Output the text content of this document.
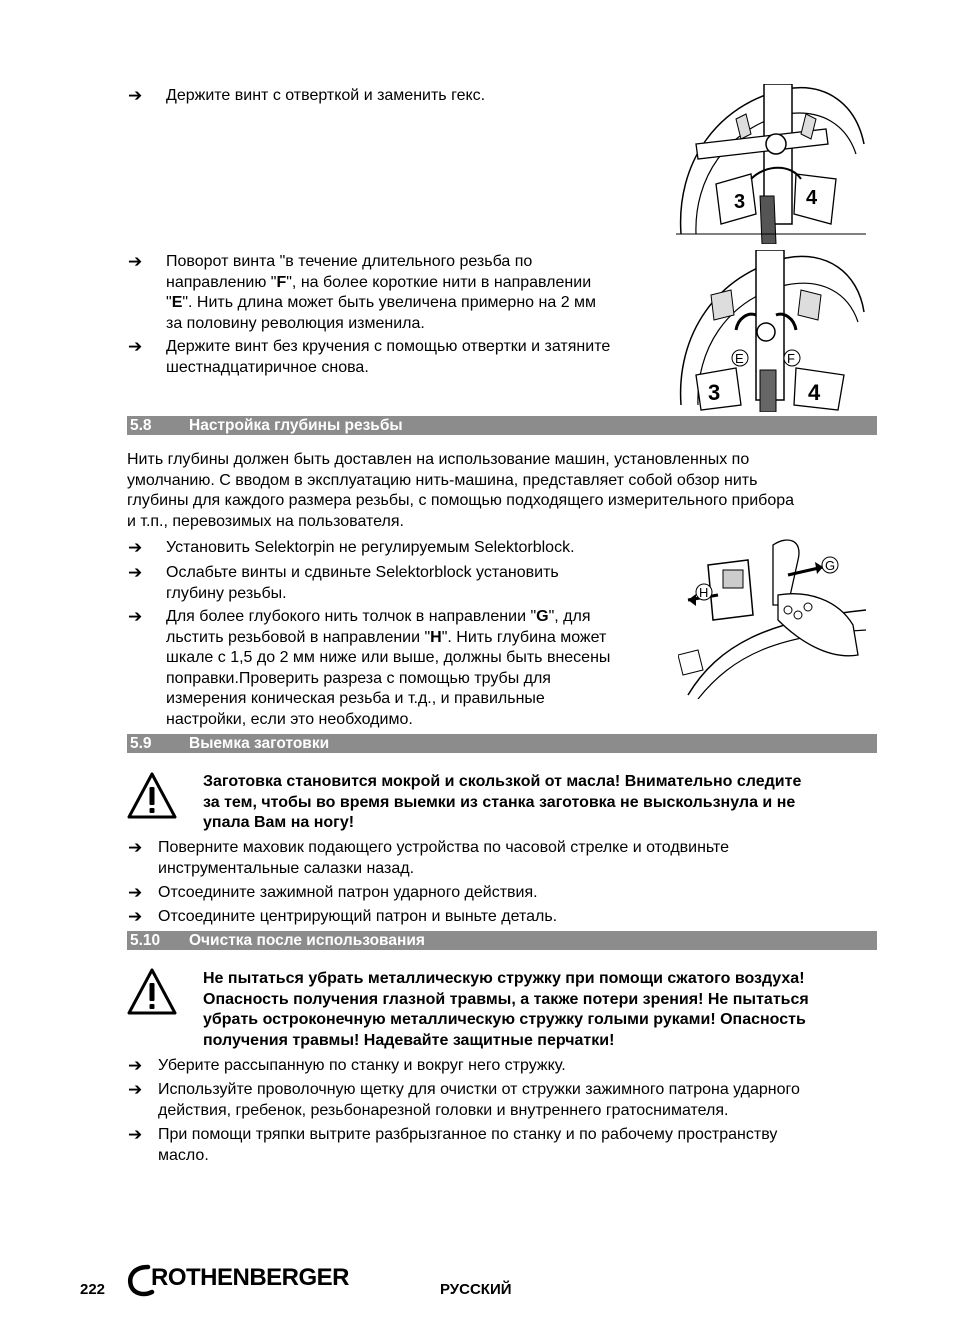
➔	Держите винт с отверткой и заменить гекс.
➔	Поворот винта "в течение длительного резьба по
направлению "F", на более короткие нити в направлении
"E". Нить длина может быть увеличена примерно на 2 мм
за половину революция изменила.
➔	Держите винт без кручения с помощью отвертки и затяните
шестнадцатиричное снова.
3	4
E	F
3	4
5.8 Настройка глубины резьбы
Нить глубины должен быть доставлен на использование машин, установленных по
умолчанию. С вводом в эксплуатацию нить-машина, представляет собой обзор нить
глубины для каждого размера резьбы, с помощью подходящего измерительного прибора
и т.п., перевозимых на пользователя.
➔	Установить Selektorpin не регулируемым Selektorblock.
➔	Ослабьте винты и сдвиньте Selektorblock установить
глубину резьбы.
➔	Для более глубокого нить толчок в направлении "G", для
льстить резьбовой в направлении "H". Нить глубина может
шкале с 1,5 до 2 мм ниже или выше, должны быть внесены
поправки.Проверить разреза с помощью трубы для
измерения коническая резьба и т.д., и правильные
настройки, если это необходимо.
H
G
5.9 Выемка заготовки
Заготовка становится мокрой и скользкой от масла! Внимательно следите
за тем, чтобы во время выемки из станка заготовка не выскользнула и не
упала Вам на ногу!
➔ Поверните маховик подающего устройства по часовой стрелке и отодвиньте
инструментальные салазки назад.
➔ Отсоедините зажимной патрон ударного действия.
➔ Отсоедините центрирующий патрон и выньте деталь.
5.10 Очистка после использования
Не пытаться убрать металлическую стружку при помощи сжатого воздуха!
Опасность получения глазной травмы, а также потери зрения! Не пытаться
убрать остроконечную металлическую стружку голыми руками! Опасность
получения травмы! Надевайте защитные перчатки!
➔ Уберите рассыпанную по станку и вокруг него стружку.
➔ Используйте проволочную щетку для очистки от стружки зажимного патрона ударного
действия, гребенок, резьбонарезной головки и внутреннего гратоснимателя.
➔ При помощи тряпки вытрите разбрызганное по станку и по рабочему пространству
масло.
222 ROTHENBERGER	РУССКИЙ
